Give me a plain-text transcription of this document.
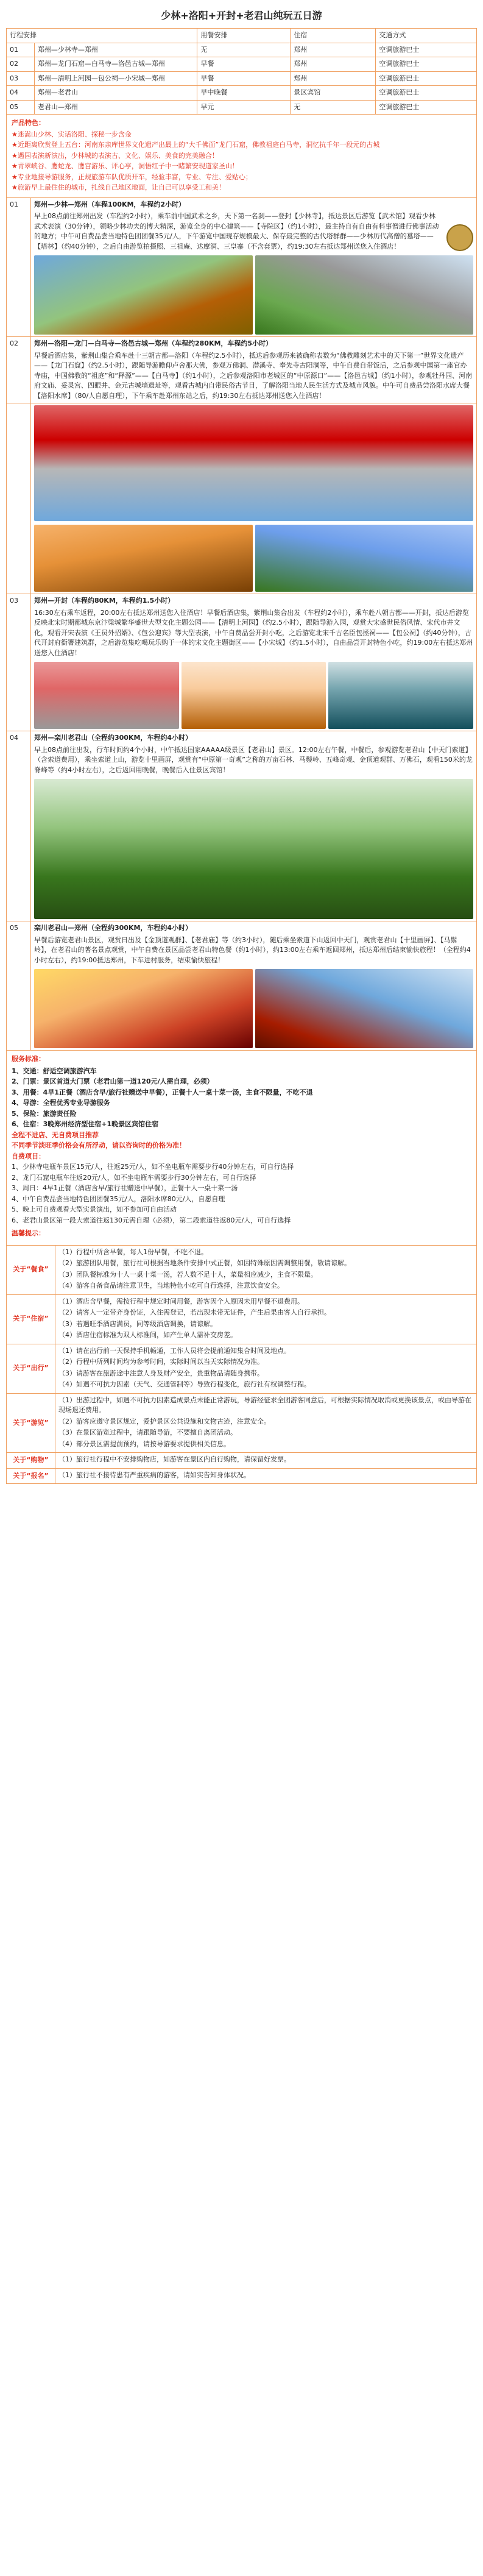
少林+洛阳+开封+老君山纯玩五日游
行程安排		用餐安排	住宿	交通方式
01	郑州—少林寺—郑州	无	郑州	空调旅游巴士
02	郑州—龙门石窟—白马寺—洛邑古城—郑州	早餐	郑州	空调旅游巴士
03	郑州—清明上河园—包公祠—小宋城—郑州	早餐	郑州	空调旅游巴士
04	郑州—老君山	早中晚餐	景区宾馆	空调旅游巴士
05	老君山—郑州	早元	无	空调旅游巴士
产品特色：

★迷嵩山少林、实话洛阳、探秘一步含金

★近距离欣赏登上五台：河南东亲库世界文化遗产出最上的“大千佛面”龙门石窟，佛教祖庭白马寺，洞忆抗千年一段元的古城

★遇园表演新演出，少林城的表演古、文化、娱乐、美食的完美融合！

★青翠峡谷、鹰蛇龙、鹰宫游乐、评心亭，洞悟红子中一睹繁安现道家圣山！

★专业地接导游服务，正规旅游车队优质开车，经验丰富，专业、专注、爱贴心；

★旅游早上最住住的城市，扎线自己地区地面，让自己可以享受工和美！

01	郑州—少林—郑州（车程100KM，车程约2小时）
早上08点前往郑州出发（车程约2小时），乘车前中国武术之乡，天下第一名刹——登封【少林寺】，抵达景区后游览【武术馆】观看少林武术表演（30分钟），领略少林功夫的博大精深，游览全身的中心建筑——【寺院区】（约1小时），最主持自有自由有料事僧进行佛事活动的地方；中午可自费品尝当地特色团团餐35元/人，下午游览中国现存规模最大、保存最完整的古代塔群群——少林历代高僧的墓塔——【塔林】（约40分钟），之后自由游览拍摄照、三祖庵、达摩洞、三皇寨（不含套票），约19:30左右抵达郑州送您入住酒店！

02	郑州—洛阳—龙门—白马寺—洛邑古城—郑州（车程约280KM，车程约5小时）
早餐后酒店集，紫荆山集合乘车赴十三朝古都—洛阳（车程约2.5小时），抵达后参观历来被确称表数为“佛教雕刻艺术中的天下第一”世界文化遗产——【龙门石窟】（约2.5小时），跟随导游瞻仰卢舍那大佛，参观万佛洞、潜溪寺、奉先寺古阳洞等，中午自费自带饭后，之后参观中国第一座官办寺庙，中国佛教的“祖庭”和“释源”——【白马寺】（约1小时），之后参观洛阳市老城区的“中原源口”——【洛邑古城】（约1小时），参观牡丹园、河南府文庙、妥灵宫、四眼井、金元古城墙遗址等，观看古城内自带民俗古节目，了解洛阳当地人民生活方式及城市风貌。中午可自费品尝洛阳水席大餐【洛阳水席】（80/人自愿自理），下午乘车赴郑州东站之后，约19:30左右抵达郑州送您入住酒店！

03	郑州—开封（车程约80KM，车程约1.5小时）
16:30左右乘车返程，20:00左右抵达郑州送您入住酒店！早餐后酒店集，紫荆山集合出发（车程约2小时），乘车赴八朝古都——开封，抵达后游览反映北宋时期都城东京汴梁城繁华盛世大型文化主题公园——【清明上河园】（约2.5小时），跟随导游入园，观赏大宋盛世民俗风情、宋代市井文化，观看开宋表演《王员外招婿》、《包公迎宾》等大型表演，中午自费品尝开封小吃，之后游览北宋千古名臣包拯祠——【包公祠】（约40分钟），古代开封府衙署建筑群，之后游览集吃喝玩乐购于一体的宋文化主题街区——【小宋城】（约1.5小时），自由品尝开封特色小吃，约19:00左右抵达郑州送您入住酒店！

04	郑州—栾川老君山（全程约300KM，车程约4小时）
早上08点前往出发，行车时间约4个小时，中午抵达国家AAAAA级景区【老君山】景区。12:00左右午餐，中餐后，参观游览老君山【中天门索道】（含索道费用），乘坐索道上山，游览十里画屏，观赏有“中原第一奇观”之称的万亩石林、马鬃岭、五峰奇观、金顶道观群、万佛石，观看150米的龙脊峰等（约4小时左右），之后返回用晚餐，晚餐后入住景区宾馆！

05	栾川老君山—郑州（全程约300KM，车程约4小时）
早餐后游览老君山景区，观赏日出及【金顶道观群】、【老君庙】等（约3小时），随后乘坐索道下山返回中天门，观赏老君山【十里画屏】、【马鬃岭】，在老君山的著名景点观赏，中午自费在景区品尝老君山特色餐（约1小时），约13:00左右乘车返回郑州，抵达郑州后结束愉快旅程！（全程约4小时左右），约19:00抵达郑州，下车进村服务，结束愉快旅程！
服务标准：
1、交通：舒适空调旅游汽车
2、门票：景区首道大门票（老君山第一道120元/人需自理，必须）
3、用餐：4早1正餐（酒店含早/旅行社赠送中早餐），正餐十人一桌十菜一汤，主食不限量，不吃不退
4、导游：全程优秀专业导游服务
5、保险：旅游责任险
6、住宿：3晚郑州经济型住宿+1晚景区宾馆住宿
全程不进店、无自费项目推荐
不同季节淡旺季价格会有所浮动，请以咨询时的价格为准！
自费项目：
1、少林寺电瓶车景区15元/人，往返25元/人，如不坐电瓶车需要步行40分钟左右，可自行选择
2、龙门石窟电瓶车往返20元/人，如不坐电瓶车需要步行30分钟左右，可自行选择
3、周日：4早1正餐（酒店含早/旅行社赠送中早餐），正餐十人一桌十菜一汤
4、中午自费品尝当地特色团团餐35元/人，洛阳水席80元/人，自愿自理
5、晚上可自费观看大型实景演出，如不参加可自由活动
6、老君山景区第一段大索道往返130元需自理（必须），第二段索道往返80元/人，可自行选择
温馨提示：
关于“餐食”	（1）行程中所含早餐，每人1份早餐，不吃不退。

（2）旅游团队用餐，旅行社可根据当地条件安排中式正餐，如因特殊原因需调整用餐，敬请谅解。

（3）团队餐标准为十人一桌十菜一汤，若人数不足十人，菜量相应减少，主食不限量。

（4）游客自备食品请注意卫生，当地特色小吃可自行选择，注意饮食安全。

关于“住宿”	（1）酒店含早餐，需按行程中规定时间用餐，游客因个人原因未用早餐不退费用。

（2）请客人一定带齐身份证，入住需登记，若出现未带无证件，产生后果由客人自行承担。

（3）若遇旺季酒店满员，同等级酒店调换，请谅解。

（4）酒店住宿标准为双人标准间，如产生单人需补交房差。

关于“出行”	（1）请在出行前一天保持手机畅通，工作人员将会提前通知集合时间及地点。

（2）行程中所列时间均为参考时间，实际时间以当天实际情况为准。

（3）请游客在旅游途中注意人身及财产安全，贵重物品请随身携带。

（4）如遇不可抗力因素（天气、交通管制等）导致行程变化，旅行社有权调整行程。

关于“游览”	（1）出游过程中，如遇不可抗力因素造成景点未能正常游玩，导游经征求全团游客同意后，可根据实际情况取消或更换该景点，或由导游在现场退还费用。

（2）游客应遵守景区规定，爱护景区公共设施和文物古迹，注意安全。

（3）在景区游览过程中，请跟随导游，不要擅自离团活动。

（4）部分景区需提前预约，请按导游要求提供相关信息。

关于“购物”	（1）旅行社行程中不安排购物店，如游客在景区内自行购物，请保留好发票。

关于“报名”	（1）旅行社不接待患有严重疾病的游客，请如实告知身体状况。
